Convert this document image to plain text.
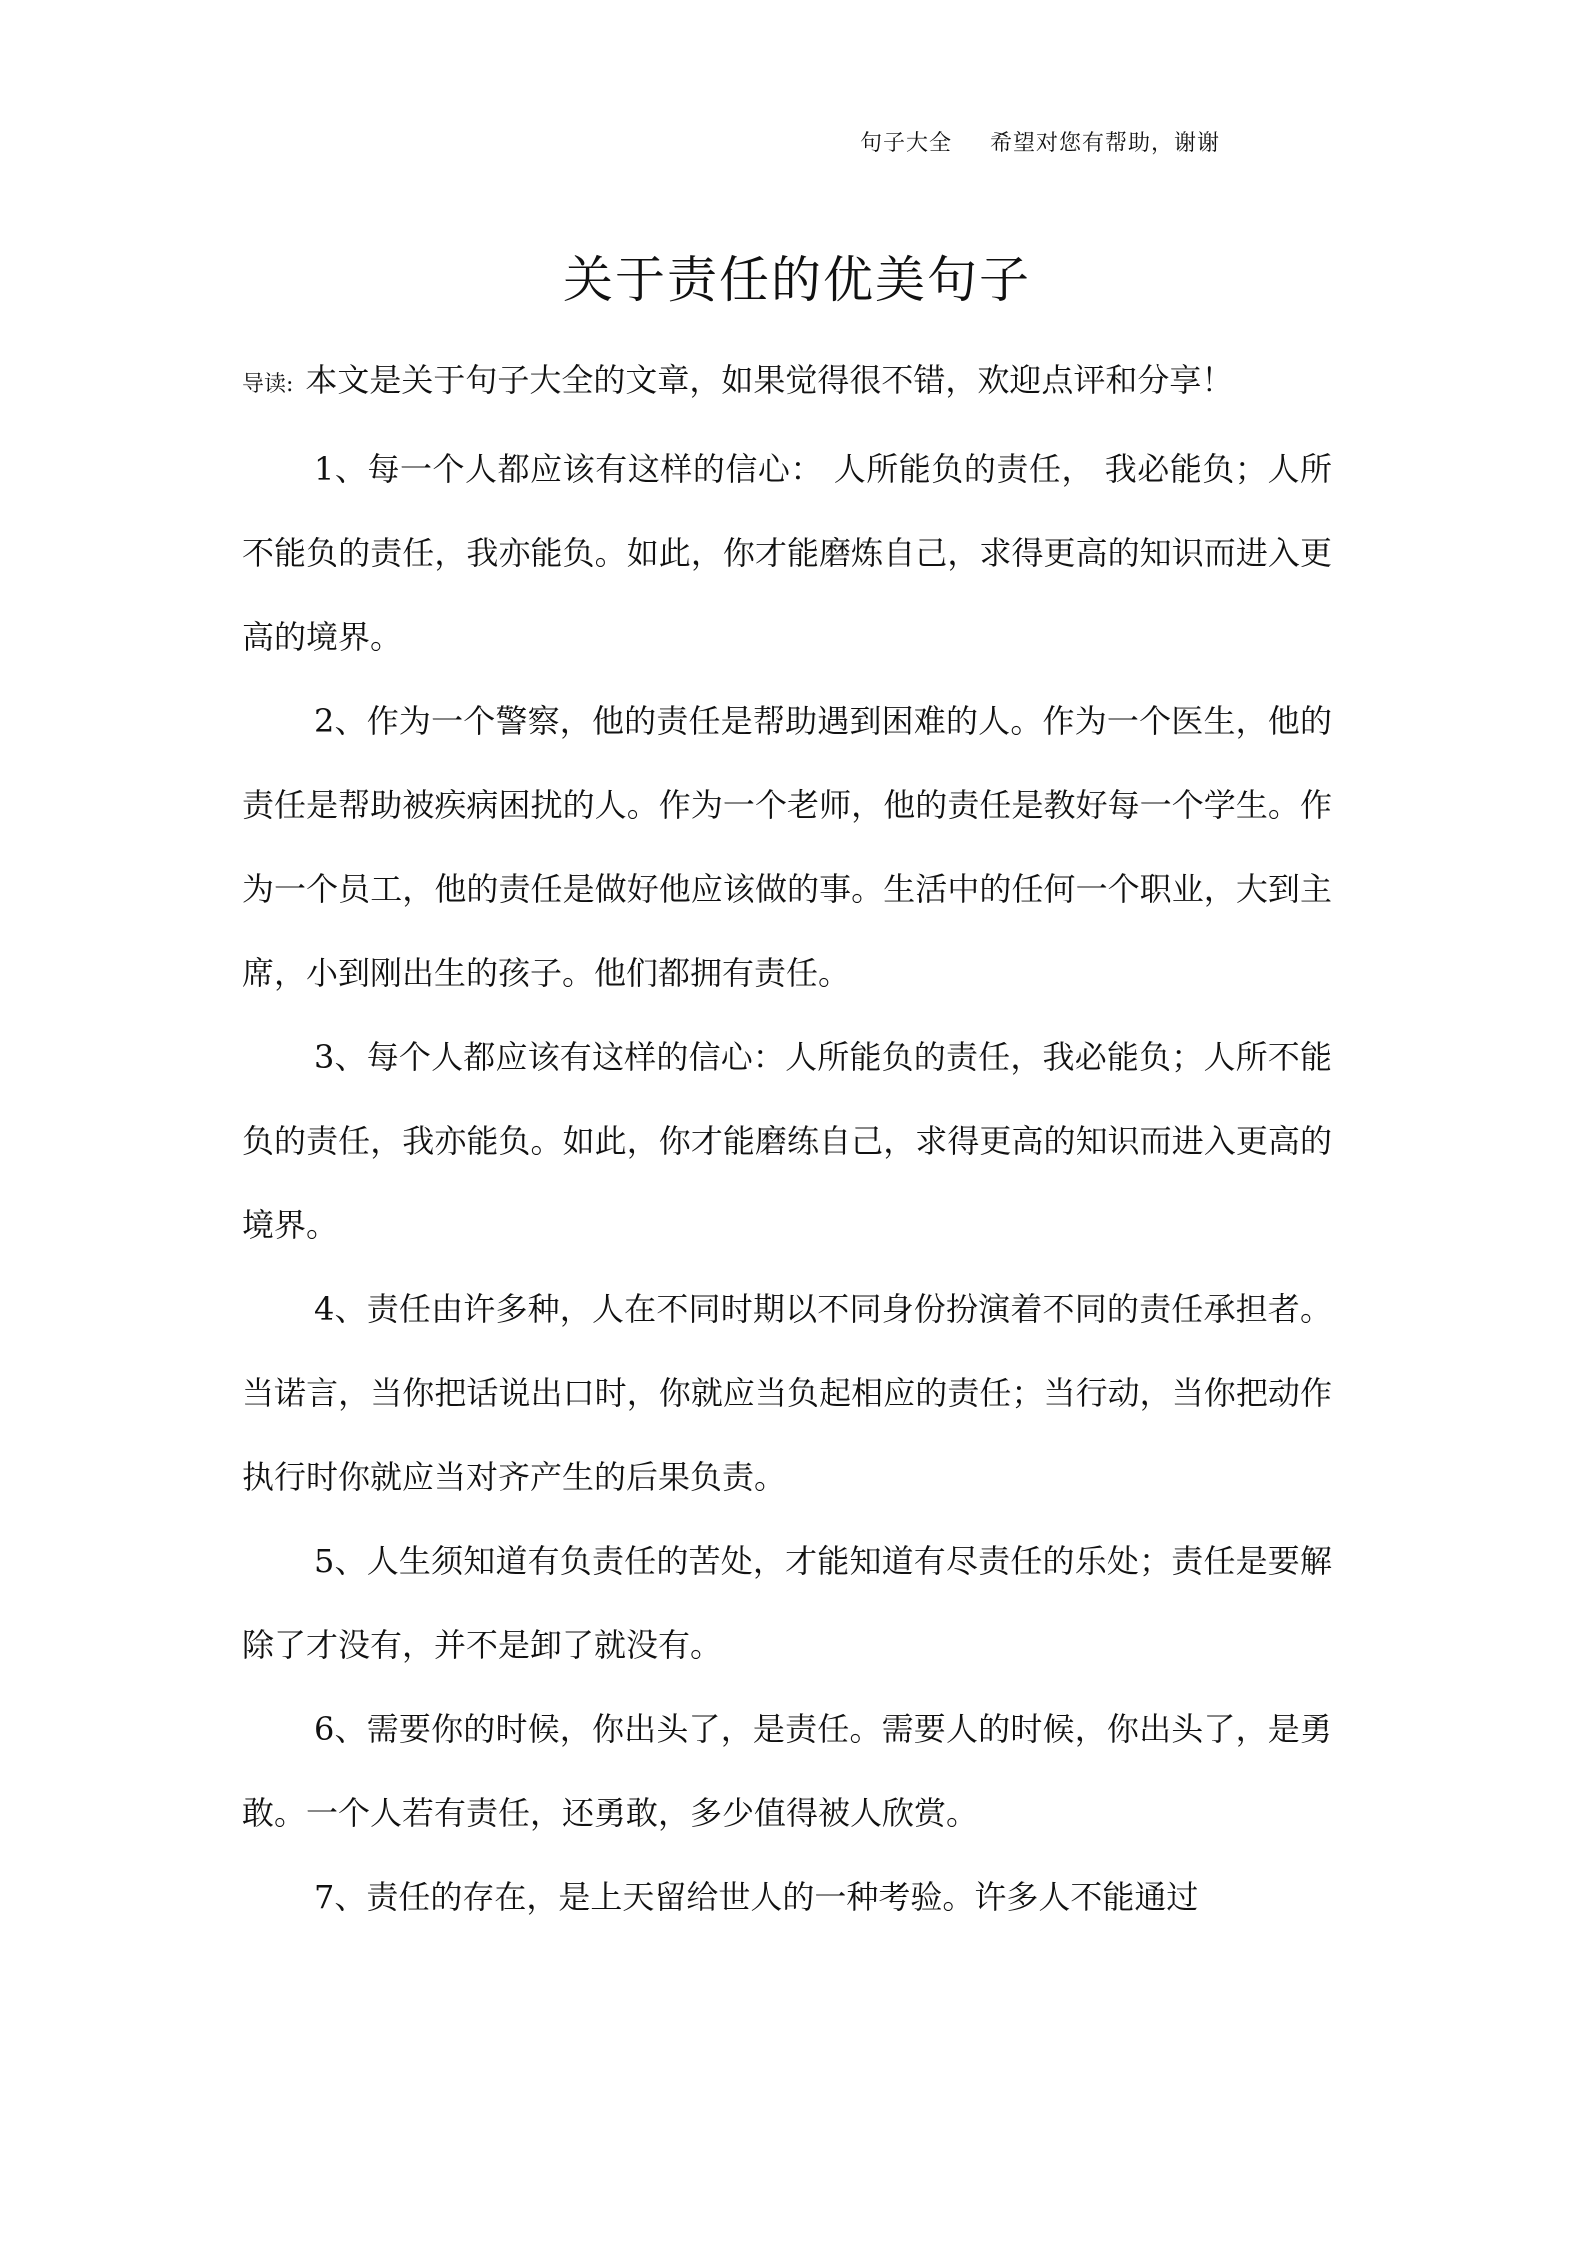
句子大全 希望对您有帮助，谢谢
关于责任的优美句子

导读: 本文是关于句子大全的文章，如果觉得很不错，欢迎点评和分享！

1、每一个人都应该有这样的信心： 人所能负的责任， 我必能负；人所不能负的责任，我亦能负。如此，你才能磨炼自己，求得更高的知识而进入更高的境界。

2、作为一个警察，他的责任是帮助遇到困难的人。作为一个医生，他的责任是帮助被疾病困扰的人。作为一个老师，他的责任是教好每一个学生。作为一个员工，他的责任是做好他应该做的事。生活中的任何一个职业，大到主席，小到刚出生的孩子。他们都拥有责任。

3、每个人都应该有这样的信心：人所能负的责任，我必能负；人所不能负的责任，我亦能负。如此，你才能磨练自己，求得更高的知识而进入更高的境界。

4、责任由许多种，人在不同时期以不同身份扮演着不同的责任承担者。当诺言，当你把话说出口时，你就应当负起相应的责任；当行动，当你把动作执行时你就应当对齐产生的后果负责。

5、人生须知道有负责任的苦处，才能知道有尽责任的乐处；责任是要解除了才没有，并不是卸了就没有。

6、需要你的时候，你出头了，是责任。需要人的时候，你出头了，是勇敢。一个人若有责任，还勇敢，多少值得被人欣赏。

7、责任的存在，是上天留给世人的一种考验。许多人不能通过
